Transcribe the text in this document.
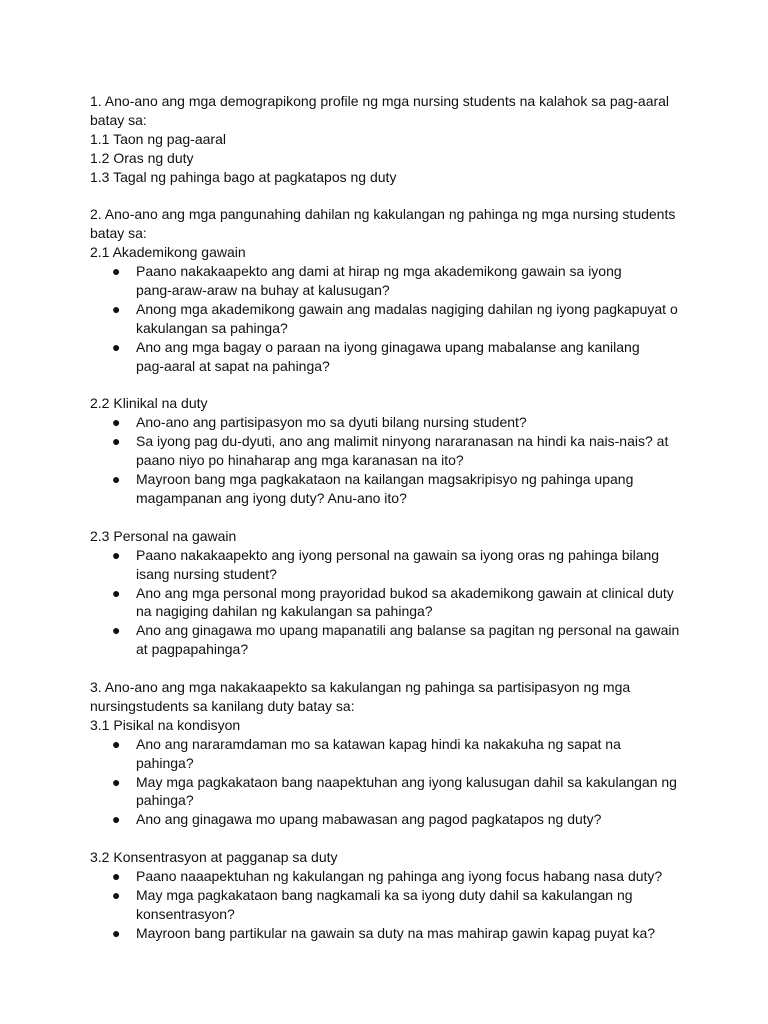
1. Ano-ano ang mga demograpikong profile ng mga nursing students na kalahok sa pag-aaral

batay sa:

1.1 Taon ng pag-aaral

1.2 Oras ng duty

1.3 Tagal ng pahinga bago at pagkatapos ng duty

2. Ano-ano ang mga pangunahing dahilan ng kakulangan ng pahinga ng mga nursing students

batay sa:

2.1 Akademikong gawain

● Paano nakakaapekto ang dami at hirap ng mga akademikong gawain sa iyong
pang-araw-araw na buhay at kalusugan?
● Anong mga akademikong gawain ang madalas nagiging dahilan ng iyong pagkapuyat o
kakulangan sa pahinga?
● Ano ang mga bagay o paraan na iyong ginagawa upang mabalanse ang kanilang
pag-aaral at sapat na pahinga?

2.2 Klinikal na duty

● Ano-ano ang partisipasyon mo sa dyuti bilang nursing student?
● Sa iyong pag du-dyuti, ano ang malimit ninyong nararanasan na hindi ka nais-nais? at
paano niyo po hinaharap ang mga karanasan na ito?
● Mayroon bang mga pagkakataon na kailangan magsakripisyo ng pahinga upang
magampanan ang iyong duty? Anu-ano ito?

2.3 Personal na gawain

● Paano nakakaapekto ang iyong personal na gawain sa iyong oras ng pahinga bilang
isang nursing student?
● Ano ang mga personal mong prayoridad bukod sa akademikong gawain at clinical duty
na nagiging dahilan ng kakulangan sa pahinga?
● Ano ang ginagawa mo upang mapanatili ang balanse sa pagitan ng personal na gawain
at pagpapahinga?

3. Ano-ano ang mga nakakaapekto sa kakulangan ng pahinga sa partisipasyon ng mga

nursingstudents sa kanilang duty batay sa:

3.1 Pisikal na kondisyon

● Ano ang nararamdaman mo sa katawan kapag hindi ka nakakuha ng sapat na pahinga?
● May mga pagkakataon bang naapektuhan ang iyong kalusugan dahil sa kakulangan ng
pahinga?
● Ano ang ginagawa mo upang mabawasan ang pagod pagkatapos ng duty?

3.2 Konsentrasyon at pagganap sa duty

● Paano naaapektuhan ng kakulangan ng pahinga ang iyong focus habang nasa duty?
● May mga pagkakataon bang nagkamali ka sa iyong duty dahil sa kakulangan ng
konsentrasyon?
● Mayroon bang partikular na gawain sa duty na mas mahirap gawin kapag puyat ka?
